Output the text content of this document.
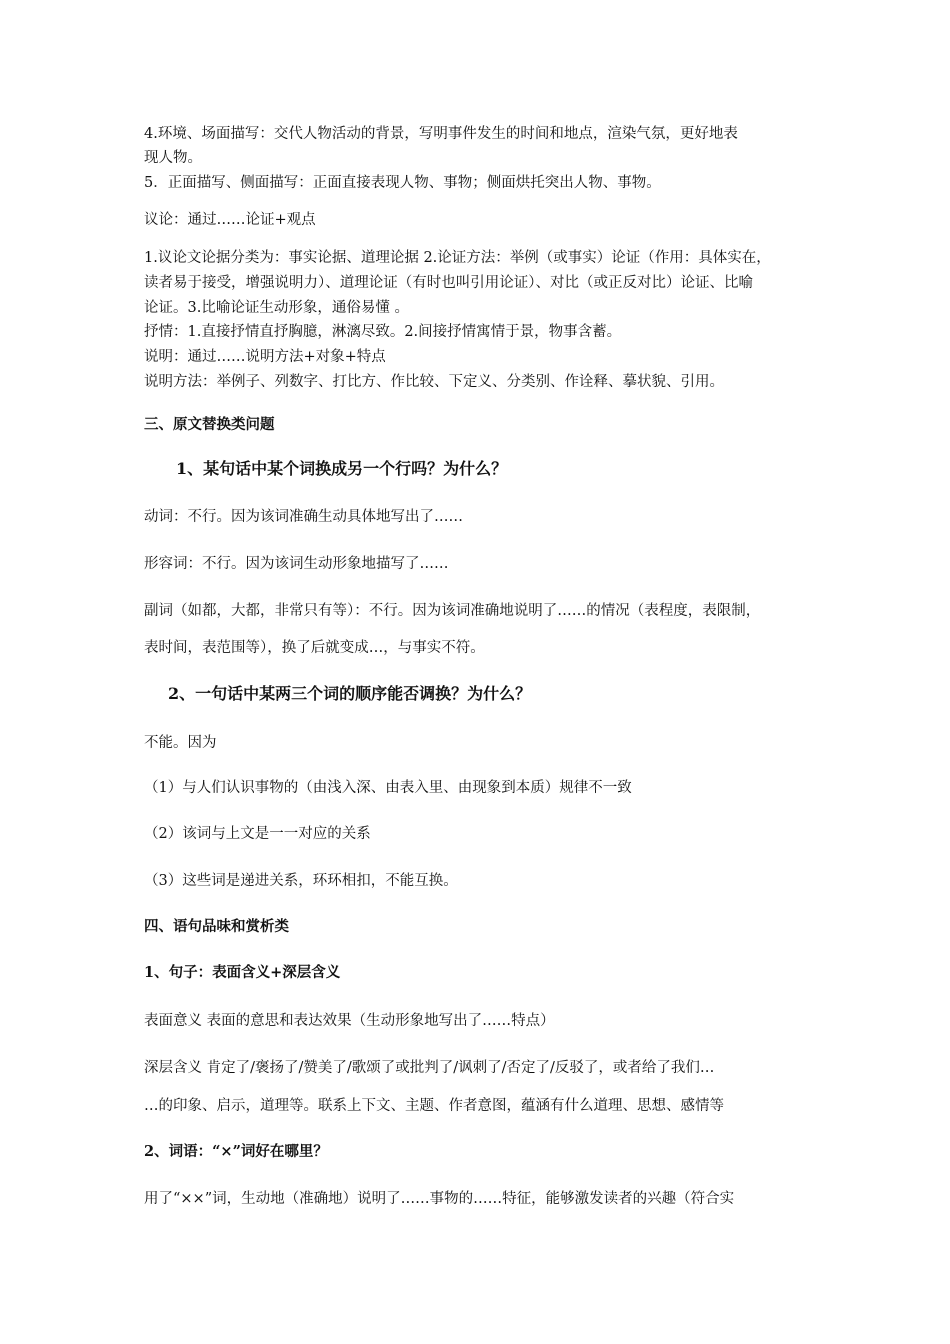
4.环境、场面描写：交代人物活动的背景，写明事件发生的时间和地点，渲染气氛，更好地表
现人物。
5．正面描写、侧面描写：正面直接表现人物、事物；侧面烘托突出人物、事物。
议论：通过……论证+观点
1.议论文论据分类为：事实论据、道理论据 2.论证方法：举例（或事实）论证（作用：具体实在，
读者易于接受，增强说明力）、道理论证（有时也叫引用论证）、对比（或正反对比）论证、比喻
论证。3.比喻论证生动形象，通俗易懂 。
抒情：1.直接抒情直抒胸臆，淋漓尽致。2.间接抒情寓情于景，物事含蓄。
说明：通过……说明方法+对象+特点
说明方法：举例子、列数字、打比方、作比较、下定义、分类别、作诠释、摹状貌、引用。
三、原文替换类问题
1、某句话中某个词换成另一个行吗？为什么？
动词：不行。因为该词准确生动具体地写出了……
形容词：不行。因为该词生动形象地描写了……
副词（如都，大都，非常只有等）：不行。因为该词准确地说明了……的情况（表程度，表限制，
表时间，表范围等），换了后就变成…，与事实不符。
2、一句话中某两三个词的顺序能否调换？为什么？
不能。因为
（1）与人们认识事物的（由浅入深、由表入里、由现象到本质）规律不一致
（2）该词与上文是一一对应的关系
（3）这些词是递进关系，环环相扣，不能互换。
四、语句品味和赏析类
1、句子：表面含义+深层含义
表面意义 表面的意思和表达效果（生动形象地写出了……特点）
深层含义 肯定了/褒扬了/赞美了/歌颂了或批判了/讽刺了/否定了/反驳了，或者给了我们…
…的印象、启示，道理等。联系上下文、主题、作者意图，蕴涵有什么道理、思想、感情等
2、词语：“×”词好在哪里？
用了“××”词，生动地（准确地）说明了……事物的……特征，能够激发读者的兴趣（符合实
